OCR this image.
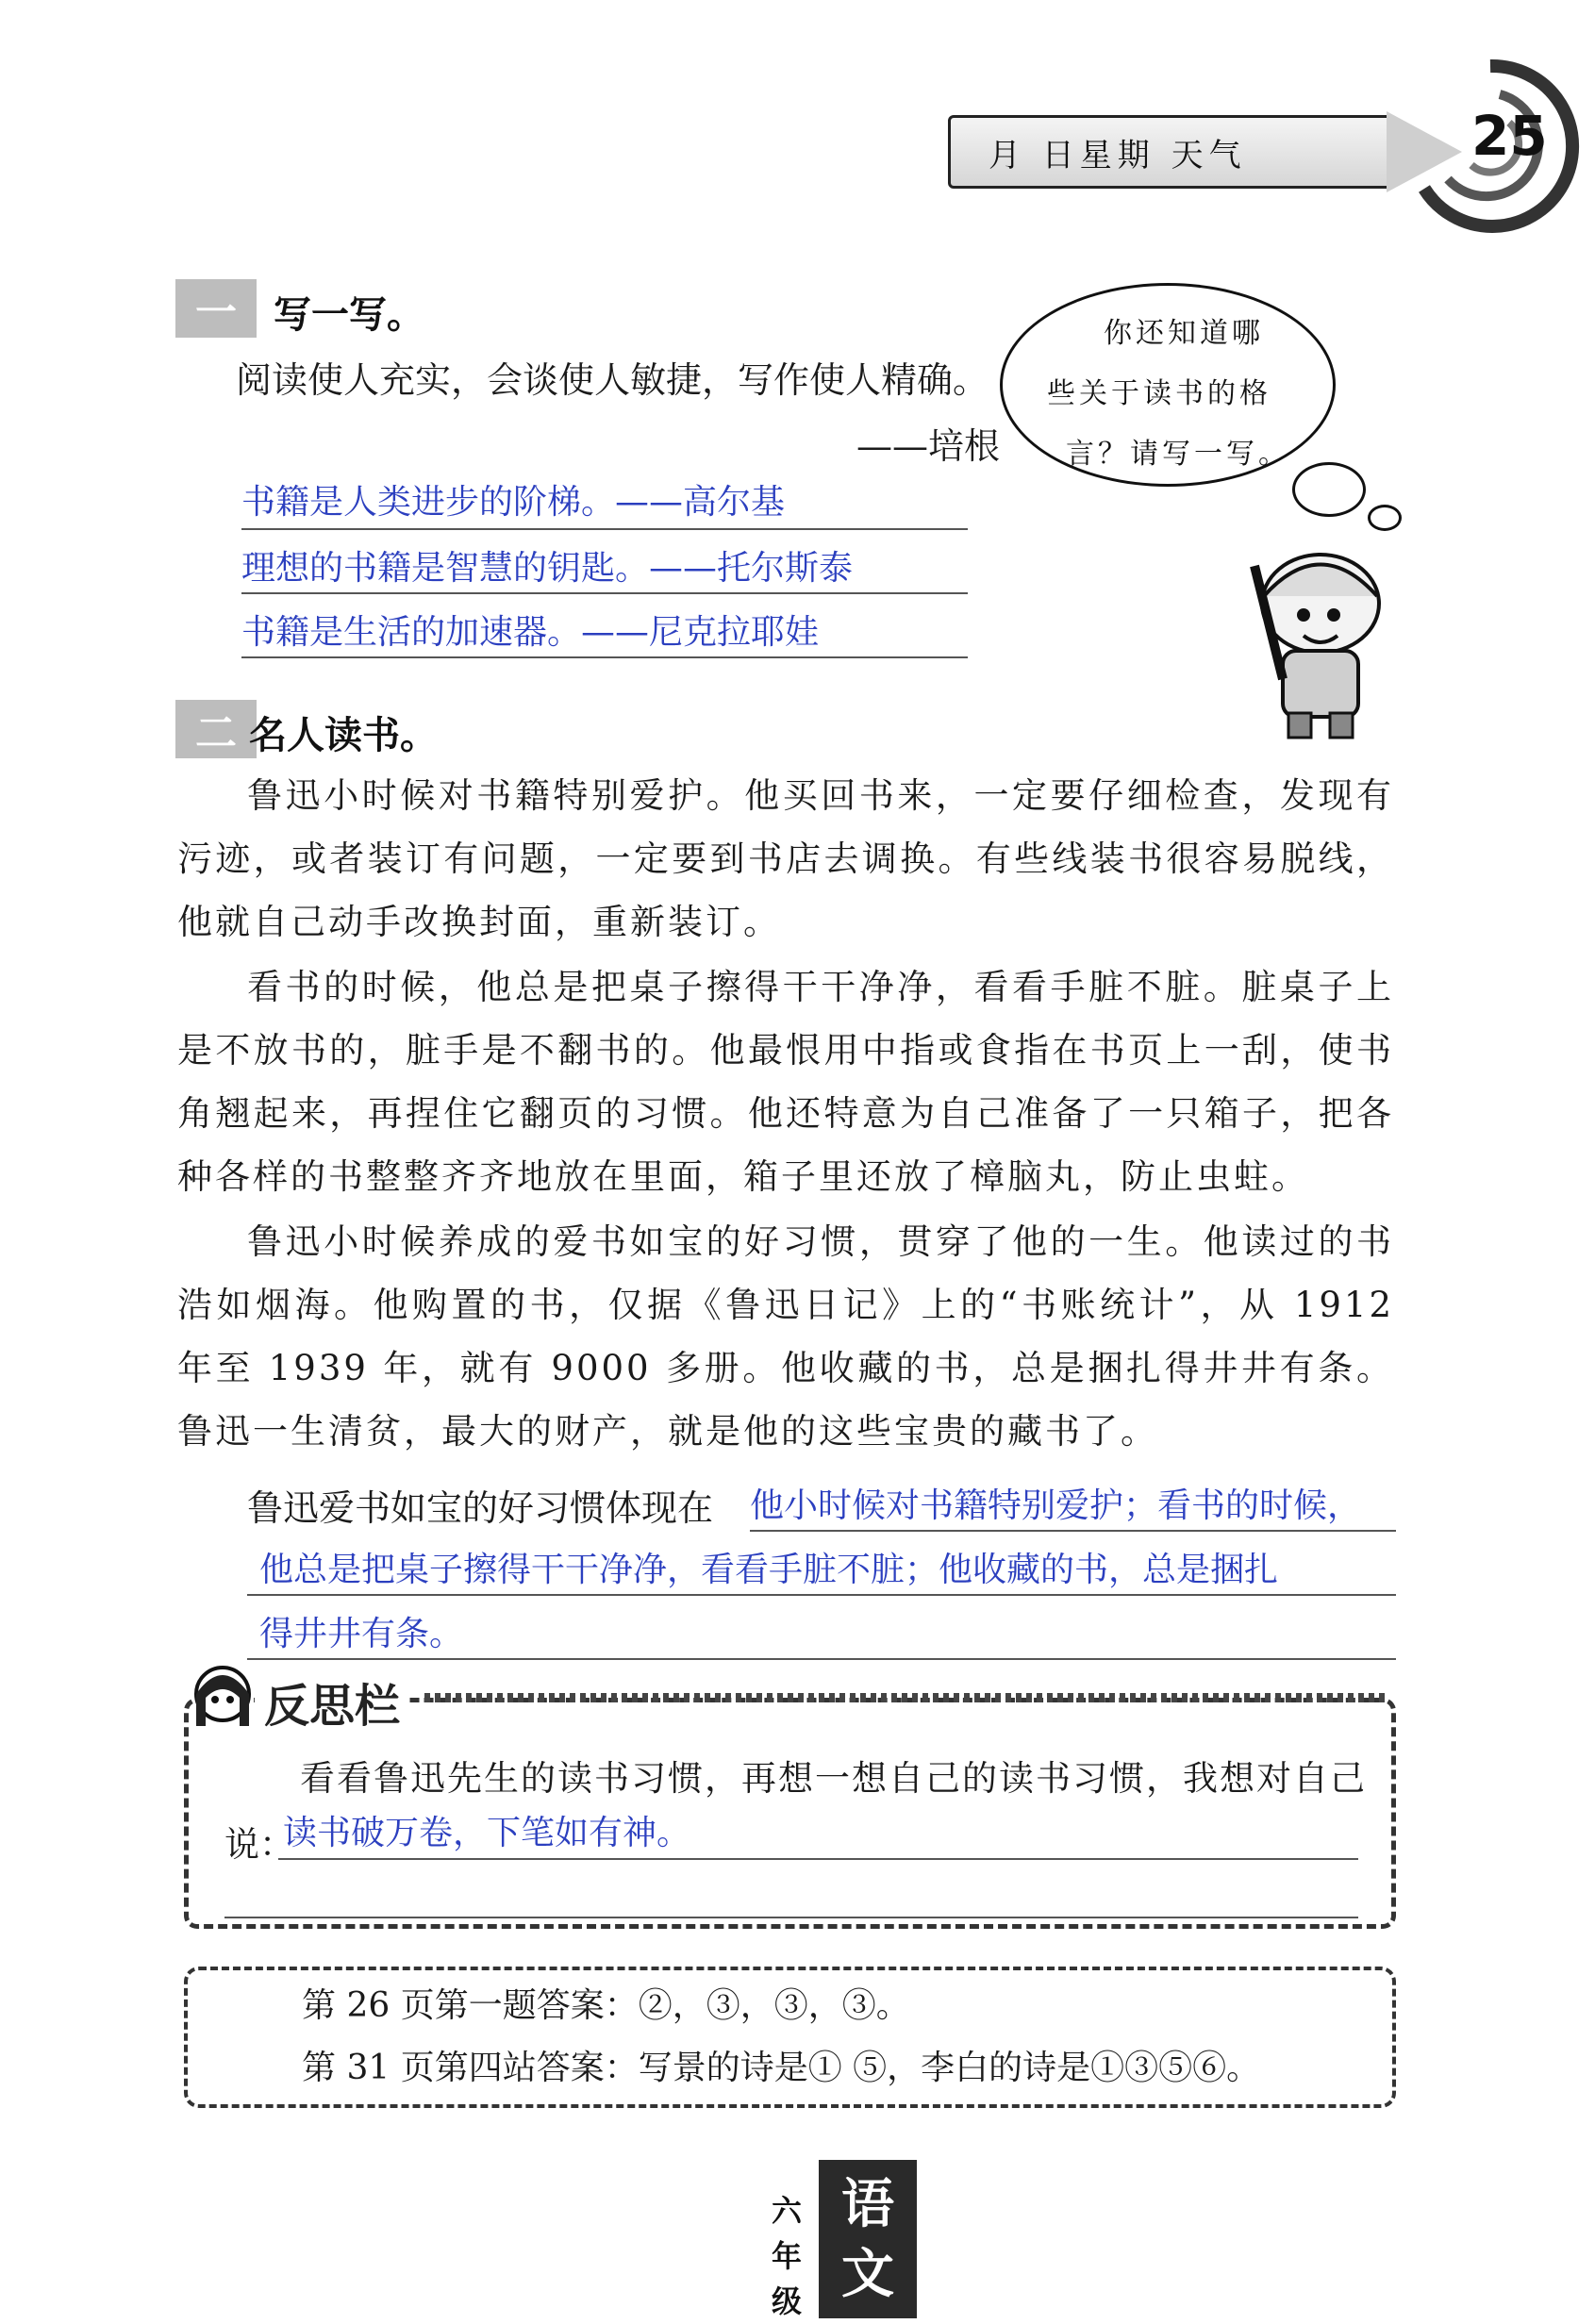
月 日星期 天气	25
一 写一写。
阅读使人充实，会谈使人敏捷，写作使人精确。
——培根
书籍是人类进步的阶梯。——高尔基
理想的书籍是智慧的钥匙。——托尔斯泰
书籍是生活的加速器。——尼克拉耶娃
你还知道哪
些关于读书的格
言？请写一写。
二 名人读书。

鲁迅小时候对书籍特别爱护。他买回书来，一定要仔细检查，发现有污迹，或者装订有问题，一定要到书店去调换。有些线装书很容易脱线，他就自己动手改换封面，重新装订。

看书的时候，他总是把桌子擦得干干净净，看看手脏不脏。脏桌子上是不放书的，脏手是不翻书的。他最恨用中指或食指在书页上一刮，使书角翘起来，再捏住它翻页的习惯。他还特意为自己准备了一只箱子，把各种各样的书整整齐齐地放在里面，箱子里还放了樟脑丸，防止虫蛀。

鲁迅小时候养成的爱书如宝的好习惯，贯穿了他的一生。他读过的书浩如烟海。他购置的书，仅据《鲁迅日记》上的“书账统计”，从 1912 年至 1939 年，就有 9000 多册。他收藏的书，总是捆扎得井井有条。鲁迅一生清贫，最大的财产，就是他的这些宝贵的藏书了。

鲁迅爱书如宝的好习惯体现在 他小时候对书籍特别爱护；看书的时候，
他总是把桌子擦得干干净净，看看手脏不脏；他收藏的书，总是捆扎
得井井有条。
反思栏
看看鲁迅先生的读书习惯，再想一想自己的读书习惯，我想对自己
说：
读书破万卷，下笔如有神。
第 26 页第一题答案：②，③，③，③。
第 31 页第四站答案：写景的诗是① ⑤，李白的诗是①③⑤⑥。
六
年
级
语
文
